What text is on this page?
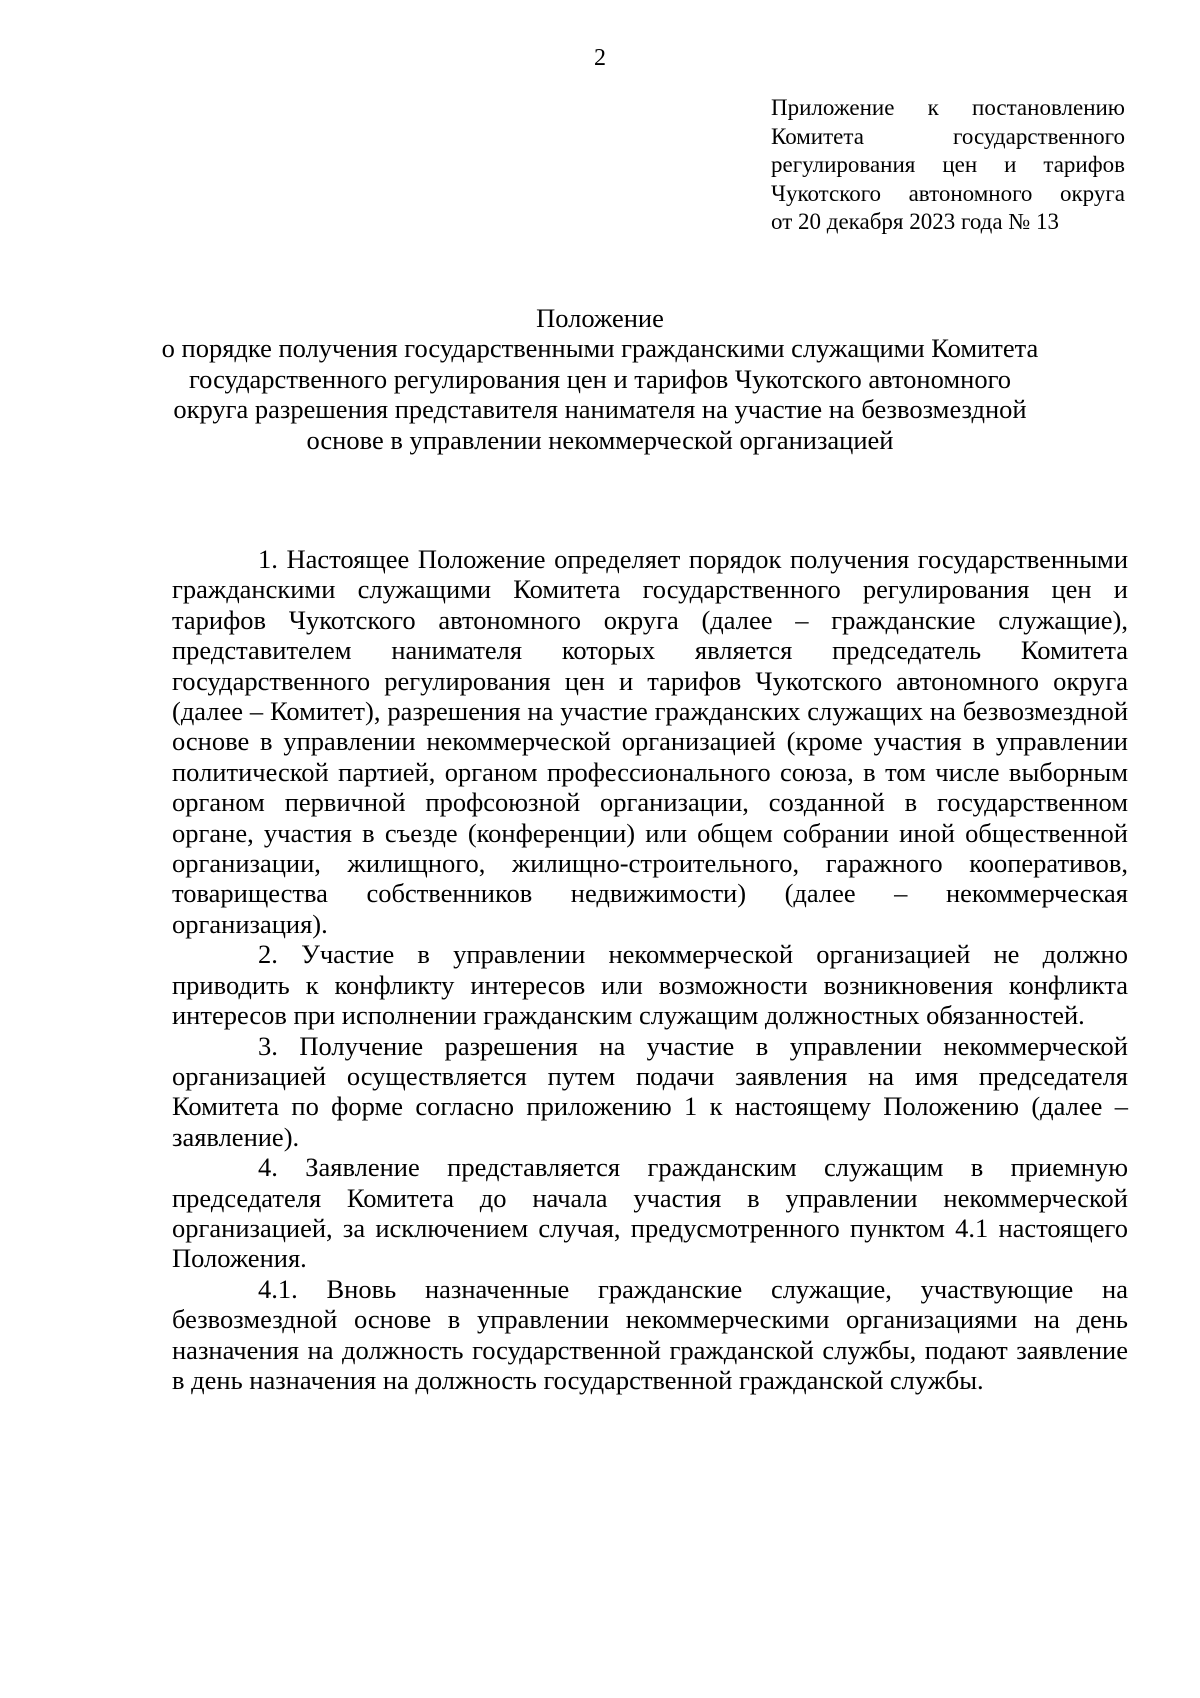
2
Приложение к постановлению
Комитета государственного
регулирования цен и тарифов
Чукотского автономного округа
от 20 декабря 2023 года № 13
Положение
о порядке получения государственными гражданскими служащими Комитета
государственного регулирования цен и тарифов Чукотского автономного
округа разрешения представителя нанимателя на участие на безвозмездной
основе в управлении некоммерческой организацией

1. Настоящее Положение определяет порядок получения государственными гражданскими служащими Комитета государственного регулирования цен и тарифов Чукотского автономного округа (далее – гражданские служащие), представителем нанимателя которых является председатель Комитета государственного регулирования цен и тарифов Чукотского автономного округа (далее – Комитет), разрешения на участие гражданских служащих на безвозмездной основе в управлении некоммерческой организацией (кроме участия в управлении политической партией, органом профессионального союза, в том числе выборным органом первичной профсоюзной организации, созданной в государственном органе, участия в съезде (конференции) или общем собрании иной общественной организации, жилищного, жилищно-строительного, гаражного кооперативов, товарищества собственников недвижимости) (далее – некоммерческая организация).

2. Участие в управлении некоммерческой организацией не должно приводить к конфликту интересов или возможности возникновения конфликта интересов при исполнении гражданским служащим должностных обязанностей.

3. Получение разрешения на участие в управлении некоммерческой организацией осуществляется путем подачи заявления на имя председателя Комитета по форме согласно приложению 1 к настоящему Положению (далее – заявление).

4. Заявление представляется гражданским служащим в приемную председателя Комитета до начала участия в управлении некоммерческой организацией, за исключением случая, предусмотренного пунктом 4.1 настоящего Положения.

4.1. Вновь назначенные гражданские служащие, участвующие на безвозмездной основе в управлении некоммерческими организациями на день назначения на должность государственной гражданской службы, подают заявление в день назначения на должность государственной гражданской службы.
